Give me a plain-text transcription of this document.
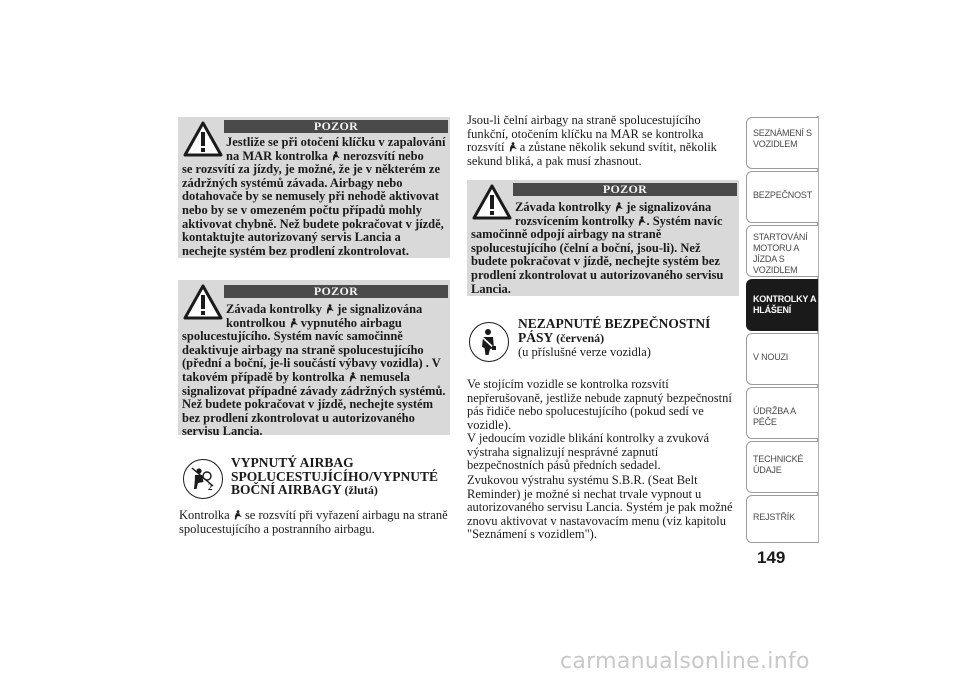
POZOR
Jestliže se při otočení klíčku v zapalování
na MAR kontrolka nerozsvítí nebo
se rozsvítí za jízdy, je možné, že je v některém ze zádržných systémů závada. Airbagy nebo dotahovače by se nemusely při nehodě aktivovat nebo by se v omezeném počtu případů mohly aktivovat chybně. Než budete pokračovat v jízdě, kontaktujte autorizovaný servis Lancia a nechejte systém bez prodlení zkontrolovat.
POZOR
Závada kontrolky je signalizována
kontrolkou vypnutého airbagu
spolucestujícího. Systém navíc samočinně deaktivuje airbagy na straně spolucestujícího (přední a boční, je-li součástí výbavy vozidla) . V takovém případě by kontrolka nemusela signalizovat případné závady zádržných systémů. Než budete pokračovat v jízdě, nechejte systém bez prodlení zkontrolovat u autorizovaného servisu Lancia.
2
VYPNUTÝ AIRBAG
SPOLUCESTUJÍCÍHO/VYPNUTÉ
BOČNÍ AIRBAGY (žlutá)
Kontrolka se rozsvítí při vyřazení airbagu na straně spolucestujícího a postranního airbagu.
Jsou-li čelní airbagy na straně spolucestujícího funkční, otočením klíčku na MAR se kontrolka rozsvítí a zůstane několik sekund svítit, několik sekund bliká, a pak musí zhasnout.
POZOR
Závada kontrolky je signalizována
rozsvícením kontrolky . Systém navíc
samočinně odpojí airbagy na straně spolucestujícího (čelní a boční, jsou-li). Než budete pokračovat v jízdě, nechejte systém bez prodlení zkontrolovat u autorizovaného servisu Lancia.
NEZAPNUTÉ BEZPEČNOSTNÍ
PÁSY (červená)
(u příslušné verze vozidla)
Ve stojícím vozidle se kontrolka rozsvítí nepřerušovaně, jestliže nebude zapnutý bezpečnostní pás řidiče nebo spolucestujícího (pokud sedí ve vozidle).
V jedoucím vozidle blikání kontrolky a zvuková výstraha signalizují nesprávné zapnutí bezpečnostních pásů předních sedadel.
Zvukovou výstrahu systému S.B.R. (Seat Belt Reminder) je možné si nechat trvale vypnout u autorizovaného servisu Lancia. Systém je pak možné znovu aktivovat v nastavovacím menu (viz kapitolu "Seznámení s vozidlem").
SEZNÁMENÍ S VOZIDLEM
BEZPEČNOST
STARTOVÁNÍ MOTORU A JÍZDA S VOZIDLEM
KONTROLKY A HLÁŠENÍ
V NOUZI
ÚDRŽBA A PÉČE
TECHNICKÉ ÚDAJE
REJSTŘÍK
149
carmanualsonline.info
